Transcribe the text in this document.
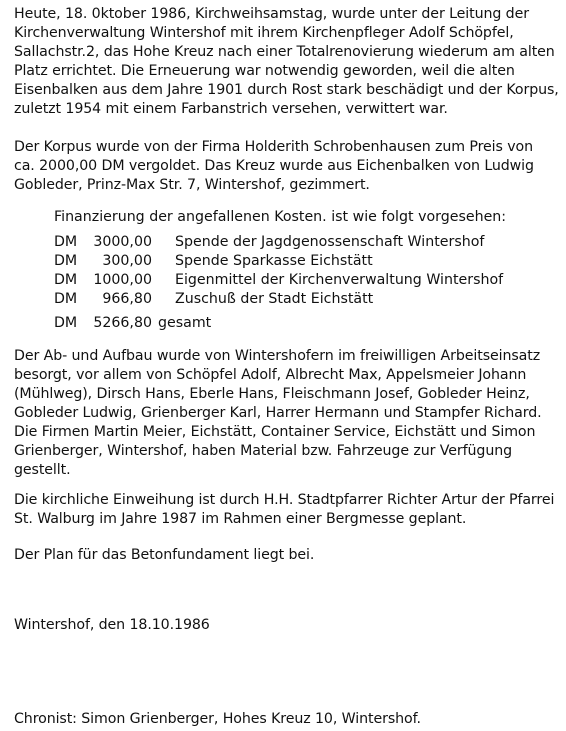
Heute, 18. 0ktober 1986, Kirchweihsamstag, wurde unter der Leitung der
Kirchenverwaltung Wintershof mit ihrem Kirchenpfleger Adolf Schöpfel,
Sallachstr.2, das Hohe Kreuz nach einer Totalrenovierung wiederum am alten
Platz errichtet. Die Erneuerung war notwendig geworden, weil die alten
Eisenbalken aus dem Jahre 1901 durch Rost stark beschädigt und der Korpus,
zuletzt 1954 mit einem Farbanstrich versehen, verwittert war.

Der Korpus wurde von der Firma Holderith Schrobenhausen zum Preis von
ca. 2000,00 DM vergoldet. Das Kreuz wurde aus Eichenbalken von Ludwig
Gobleder, Prinz-Max Str. 7, Wintershof, gezimmert.

Finanzierung der angefallenen Kosten. ist wie folgt vorgesehen:
DM	3000,00 Spende der Jagdgenossenschaft Wintershof
DM	300,00 Spende Sparkasse Eichstätt
DM	1000,00 Eigenmittel der Kirchenverwaltung Wintershof
DM	966,80 Zuschuß der Stadt Eichstätt
DM	5266,80 gesamt

Der Ab- und Aufbau wurde von Wintershofern im freiwilligen Arbeitseinsatz
besorgt, vor allem von Schöpfel Adolf, Albrecht Max, Appelsmeier Johann
(Mühlweg), Dirsch Hans, Eberle Hans, Fleischmann Josef, Gobleder Heinz,
Gobleder Ludwig, Grienberger Karl, Harrer Hermann und Stampfer Richard.
Die Firmen Martin Meier, Eichstätt, Container Service, Eichstätt und Simon
Grienberger, Wintershof, haben Material bzw. Fahrzeuge zur Verfügung
gestellt.

Die kirchliche Einweihung ist durch H.H. Stadtpfarrer Richter Artur der Pfarrei
St. Walburg im Jahre 1987 im Rahmen einer Bergmesse geplant.

Der Plan für das Betonfundament liegt bei.

Wintershof, den 18.10.1986

Chronist: Simon Grienberger, Hohes Kreuz 10, Wintershof.
